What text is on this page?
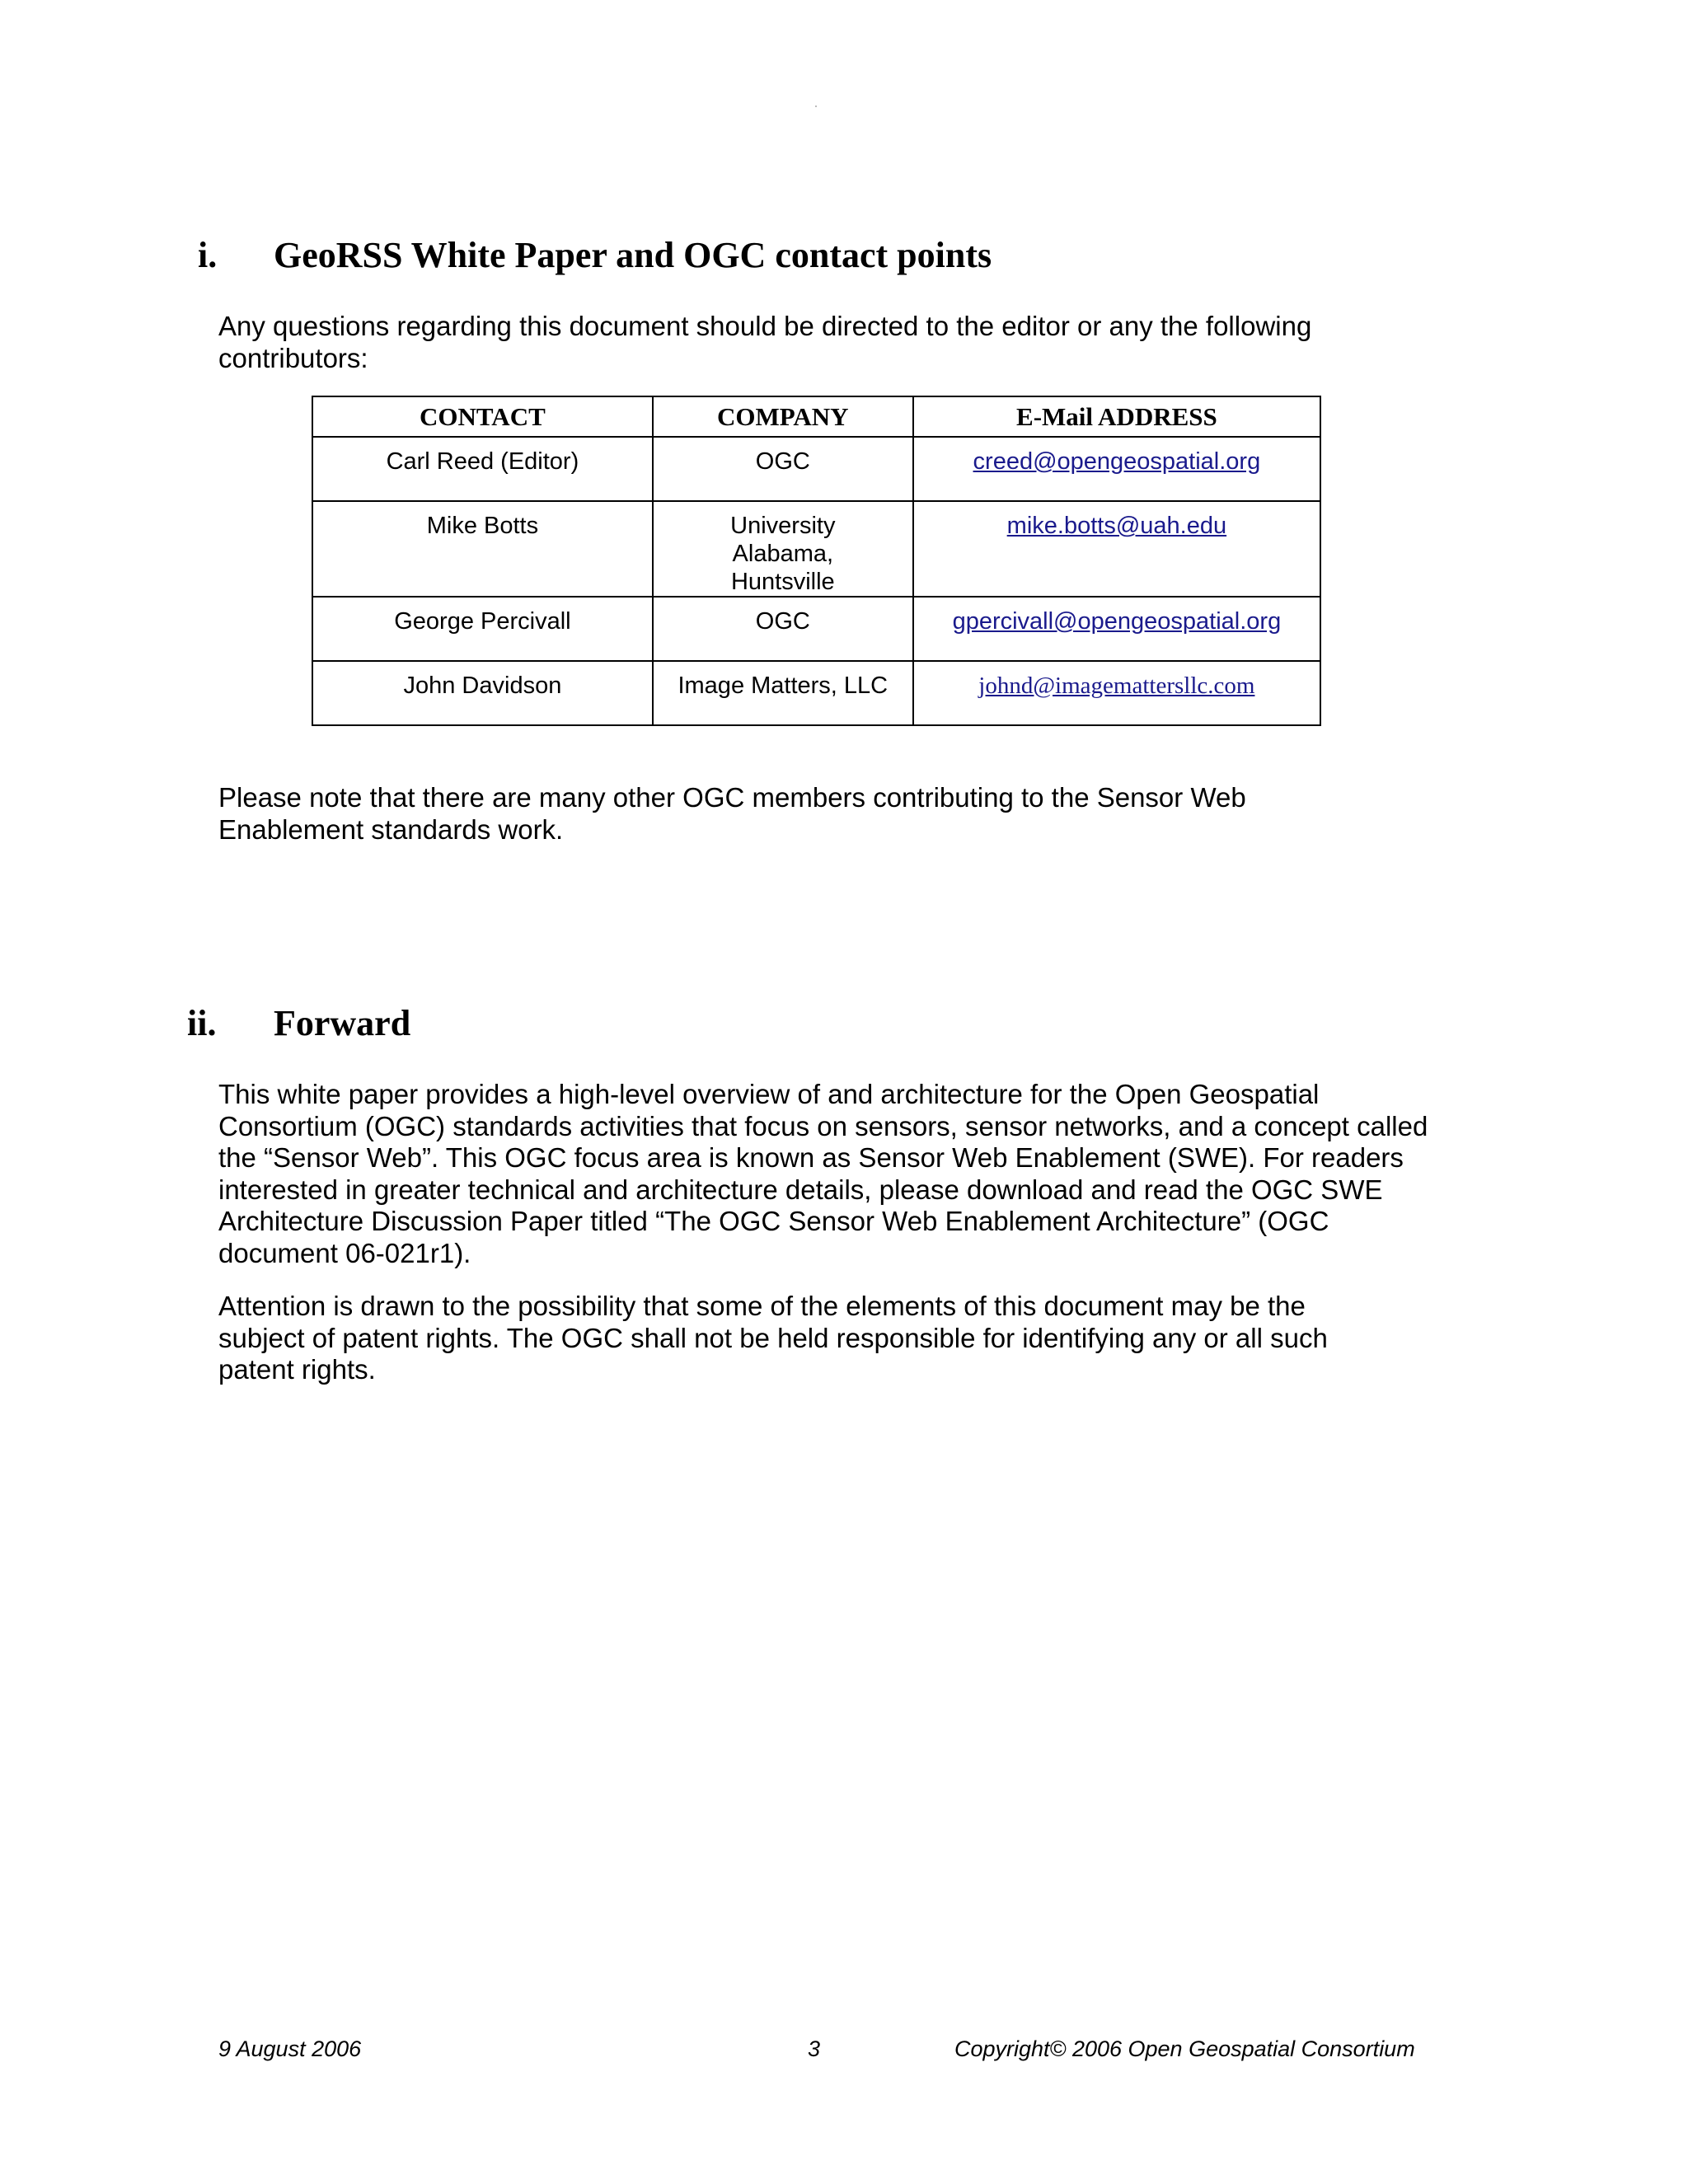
i. GeoRSS White Paper and OGC contact points

Any questions regarding this document should be directed to the editor or any the following contributors:

CONTACT	COMPANY	E-Mail ADDRESS
Carl Reed (Editor)	OGC	creed@opengeospatial.org
Mike Botts	University Alabama, Huntsville	mike.botts@uah.edu
George Percivall	OGC	gpercivall@opengeospatial.org
John Davidson	Image Matters, LLC	johnd@imagemattersllc.com

Please note that there are many other OGC members contributing to the Sensor Web Enablement standards work.

ii. Forward

This white paper provides a high-level overview of and architecture for the Open Geospatial Consortium (OGC) standards activities that focus on sensors, sensor networks, and a concept called the “Sensor Web”. This OGC focus area is known as Sensor Web Enablement (SWE). For readers interested in greater technical and architecture details, please download and read the OGC SWE Architecture Discussion Paper titled “The OGC Sensor Web Enablement Architecture” (OGC document 06-021r1).

Attention is drawn to the possibility that some of the elements of this document may be the subject of patent rights. The OGC shall not be held responsible for identifying any or all such patent rights.

9 August 2006	3	Copyright© 2006 Open Geospatial Consortium
